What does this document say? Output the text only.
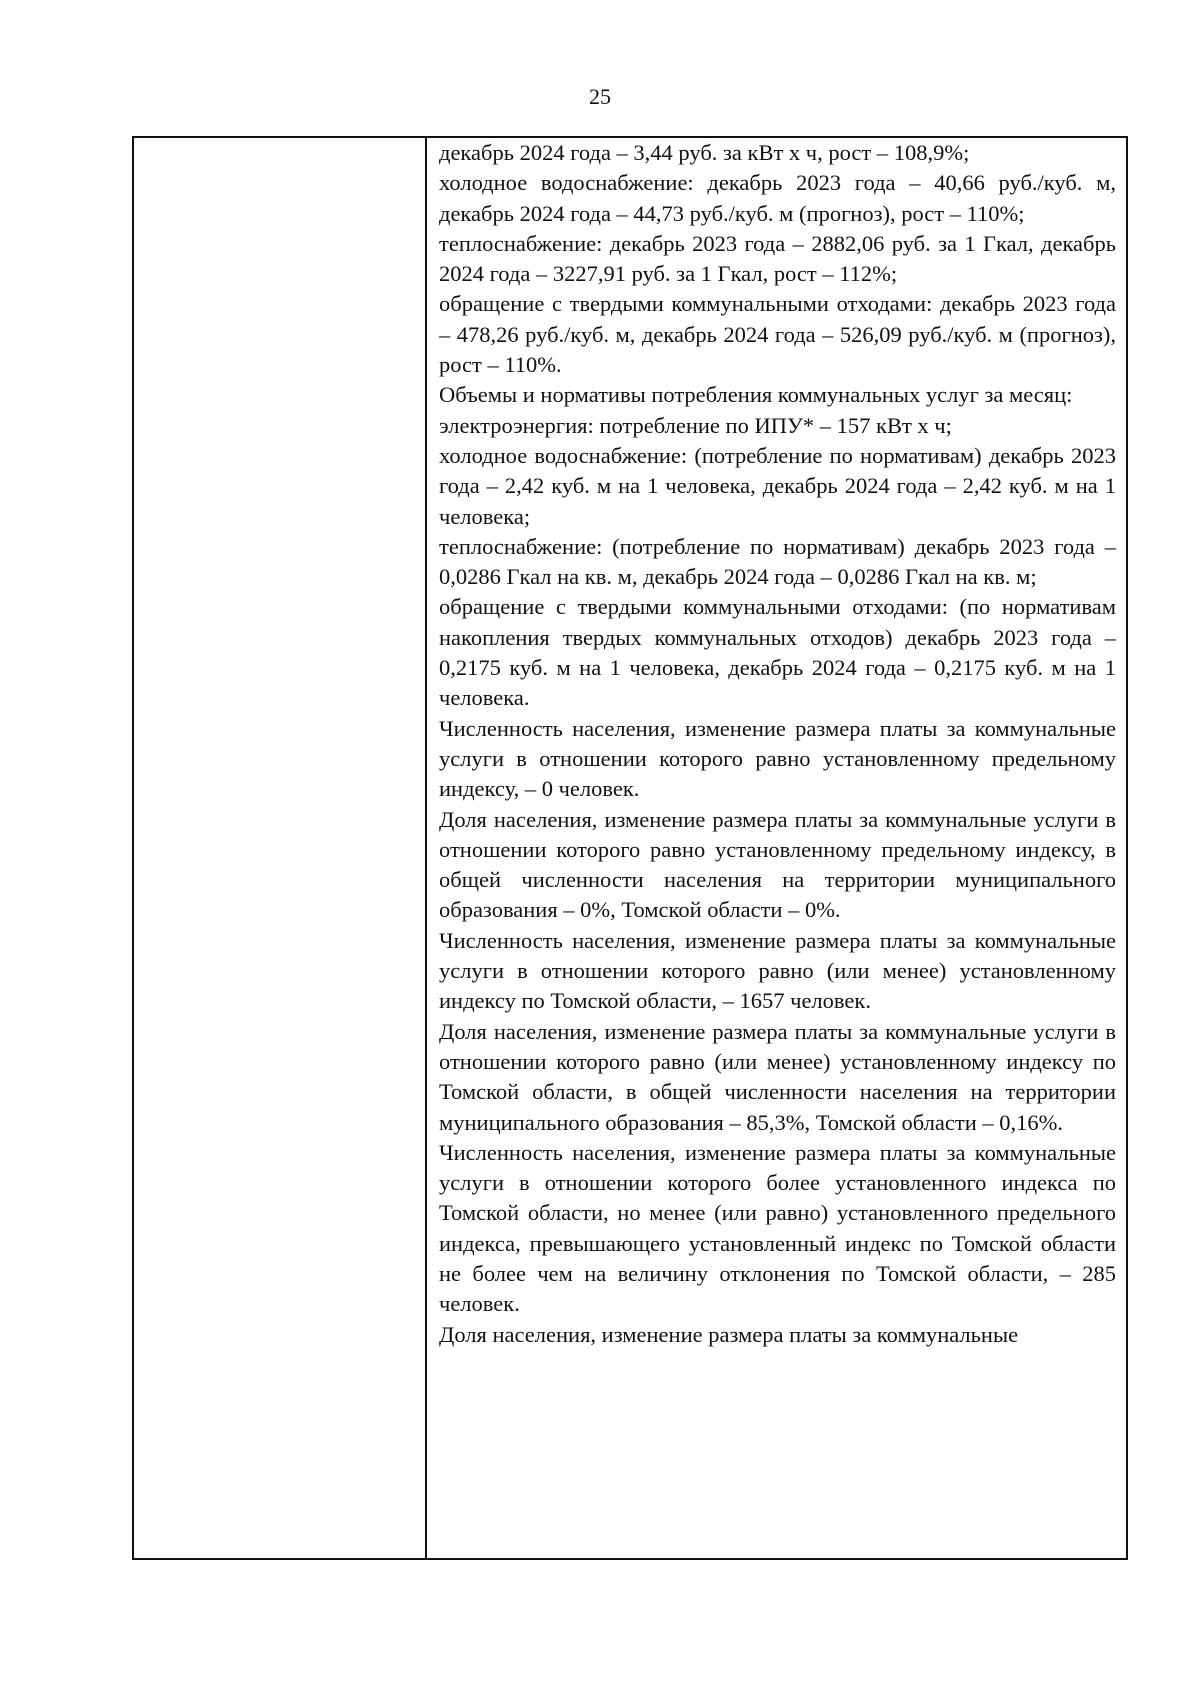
25

декабрь 2024 года – 3,44 руб. за кВт х ч, рост – 108,9%;

холодное водоснабжение: декабрь 2023 года – 40,66 руб./куб. м, декабрь 2024 года – 44,73 руб./куб. м (прогноз), рост – 110%;

теплоснабжение: декабрь 2023 года – 2882,06 руб. за 1 Гкал, декабрь 2024 года – 3227,91 руб. за 1 Гкал, рост – 112%;

обращение с твердыми коммунальными отходами: декабрь 2023 года – 478,26 руб./куб. м, декабрь 2024 года – 526,09 руб./куб. м (прогноз), рост – 110%.

Объемы и нормативы потребления коммунальных услуг за месяц:

электроэнергия: потребление по ИПУ* – 157 кВт х ч;

холодное водоснабжение: (потребление по нормативам) декабрь 2023 года – 2,42 куб. м на 1 человека, декабрь 2024 года – 2,42 куб. м на 1 человека;

теплоснабжение: (потребление по нормативам) декабрь 2023 года – 0,0286 Гкал на кв. м, декабрь 2024 года – 0,0286 Гкал на кв. м;

обращение с твердыми коммунальными отходами: (по нормативам накопления твердых коммунальных отходов) декабрь 2023 года – 0,2175 куб. м на 1 человека, декабрь 2024 года – 0,2175 куб. м на 1 человека.

Численность населения, изменение размера платы за коммунальные услуги в отношении которого равно установленному предельному индексу, – 0 человек.

Доля населения, изменение размера платы за коммунальные услуги в отношении которого равно установленному предельному индексу, в общей численности населения на территории муниципального образования – 0%, Томской области – 0%.

Численность населения, изменение размера платы за коммунальные услуги в отношении которого равно (или менее) установленному индексу по Томской области, – 1657 человек.

Доля населения, изменение размера платы за коммунальные услуги в отношении которого равно (или менее) установленному индексу по Томской области, в общей численности населения на территории муниципального образования – 85,3%, Томской области – 0,16%.

Численность населения, изменение размера платы за коммунальные услуги в отношении которого более установленного индекса по Томской области, но менее (или равно) установленного предельного индекса, превышающего установленный индекс по Томской области не более чем на величину отклонения по Томской области, – 285 человек.

Доля населения, изменение размера платы за коммунальные
